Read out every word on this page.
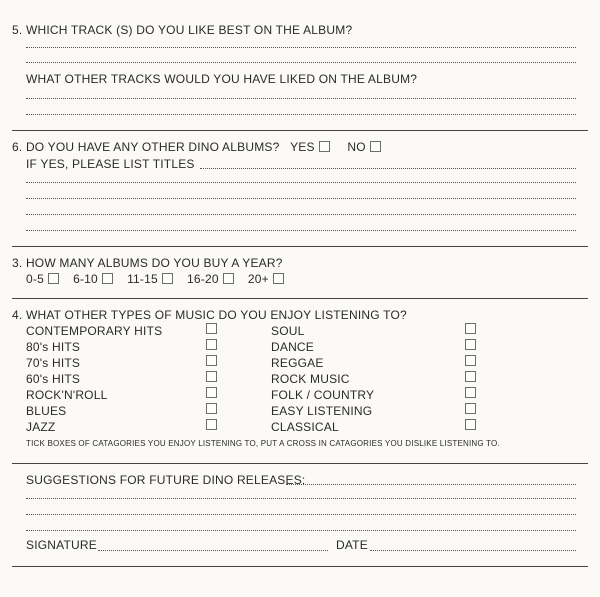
5. WHICH TRACK (S) DO YOU LIKE BEST ON THE ALBUM?
WHAT OTHER TRACKS WOULD YOU HAVE LIKED ON THE ALBUM?
6. DO YOU HAVE ANY OTHER DINO ALBUMS? YES	NO
IF YES, PLEASE LIST TITLES
3. HOW MANY ALBUMS DO YOU BUY A YEAR?
0-5 6-10 11-15 16-20 20+
4. WHAT OTHER TYPES OF MUSIC DO YOU ENJOY LISTENING TO?
CONTEMPORARY HITS
80's HITS
70's HITS
60's HITS
ROCK'N'ROLL
BLUES
JAZZ
SOUL
DANCE
REGGAE
ROCK MUSIC
FOLK / COUNTRY
EASY LISTENING
CLASSICAL
TICK BOXES OF CATAGORIES YOU ENJOY LISTENING TO, PUT A CROSS IN CATAGORIES YOU DISLIKE LISTENING TO.
SUGGESTIONS FOR FUTURE DINO RELEASES:
SIGNATURE	DATE
